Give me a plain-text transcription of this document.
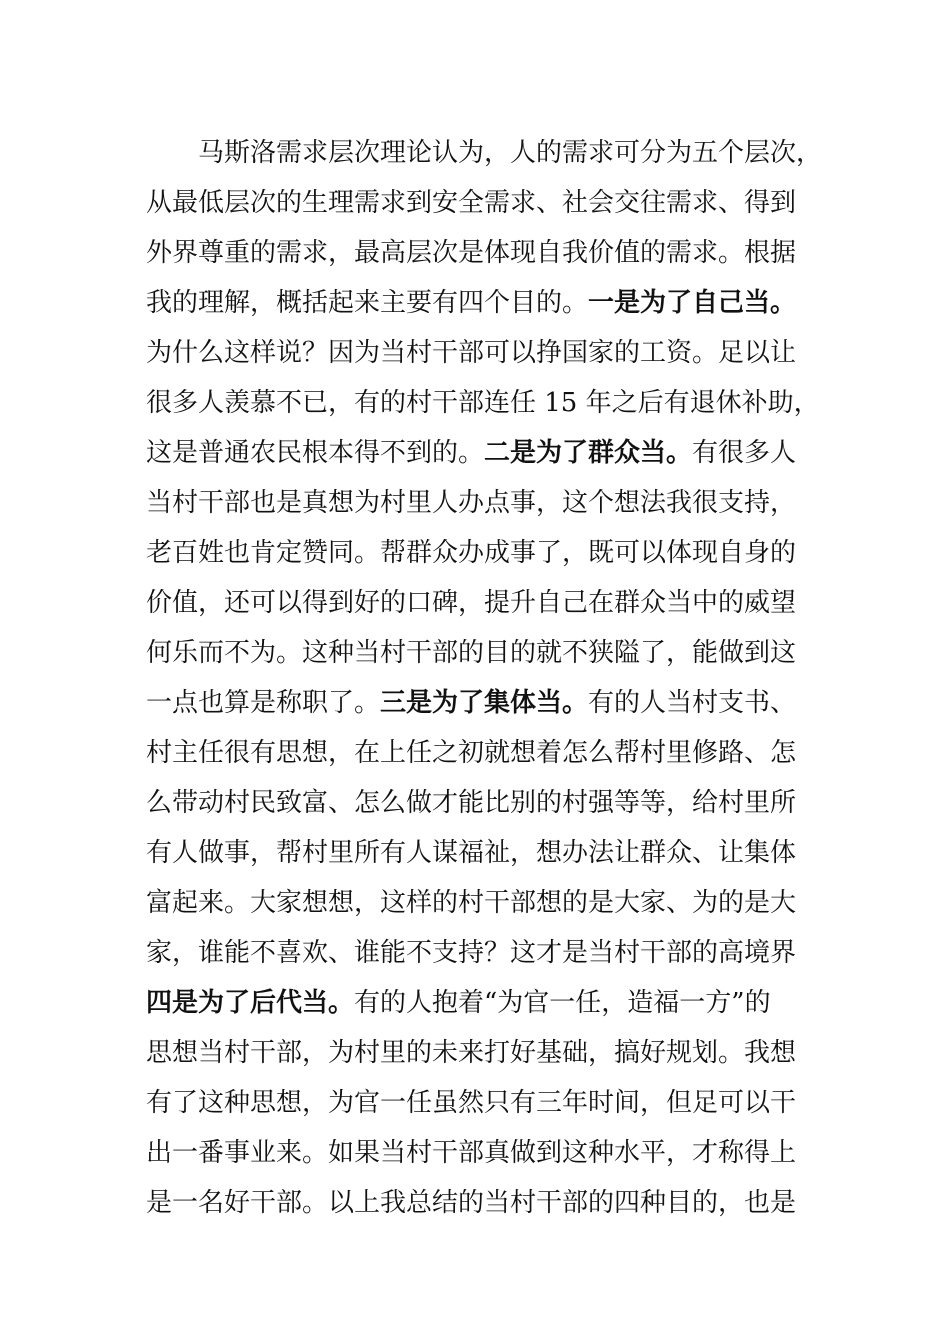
马斯洛需求层次理论认为，人的需求可分为五个层次，
从最低层次的生理需求到安全需求、社会交往需求、得到
外界尊重的需求，最高层次是体现自我价值的需求。根据
我的理解，概括起来主要有四个目的。一是为了自己当。
为什么这样说？因为当村干部可以挣国家的工资。足以让
很多人羡慕不已，有的村干部连任 15 年之后有退休补助，
这是普通农民根本得不到的。二是为了群众当。有很多人
当村干部也是真想为村里人办点事，这个想法我很支持，
老百姓也肯定赞同。帮群众办成事了，既可以体现自身的
价值，还可以得到好的口碑，提升自己在群众当中的威望
何乐而不为。这种当村干部的目的就不狭隘了，能做到这
一点也算是称职了。三是为了集体当。有的人当村支书、
村主任很有思想，在上任之初就想着怎么帮村里修路、怎
么带动村民致富、怎么做才能比别的村强等等，给村里所
有人做事，帮村里所有人谋福祉，想办法让群众、让集体
富起来。大家想想，这样的村干部想的是大家、为的是大
家，谁能不喜欢、谁能不支持？这才是当村干部的高境界
四是为了后代当。有的人抱着“为官一任，造福一方”的
思想当村干部，为村里的未来打好基础，搞好规划。我想
有了这种思想，为官一任虽然只有三年时间，但足可以干
出一番事业来。如果当村干部真做到这种水平，才称得上
是一名好干部。以上我总结的当村干部的四种目的，也是
